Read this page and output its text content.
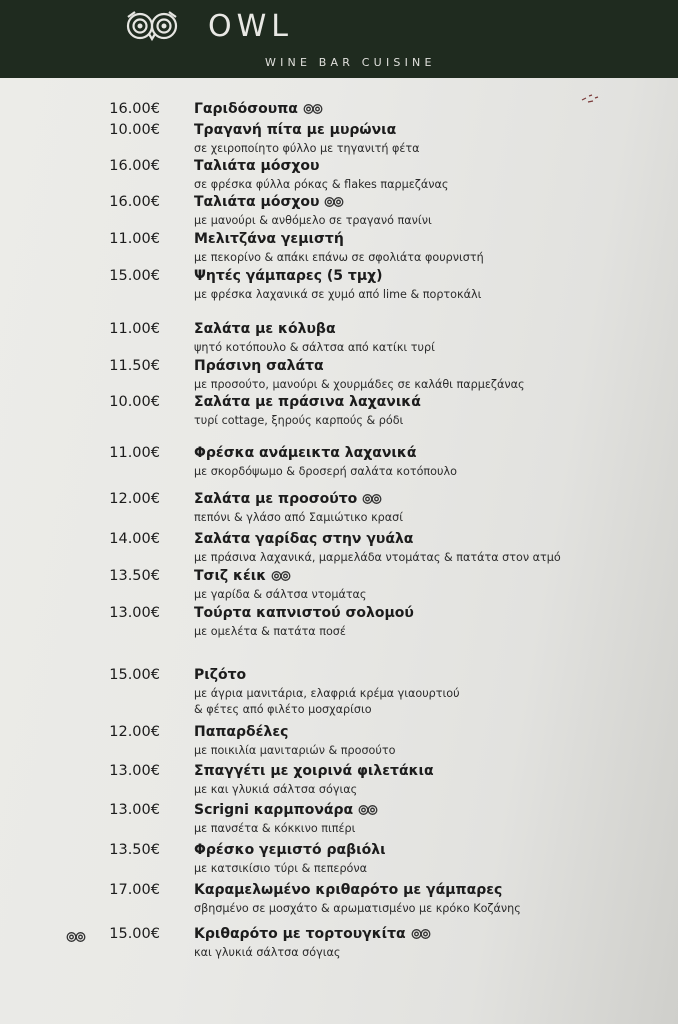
OWL
WINE BAR CUISINE
16.00€ Γαριδόσουπα
10.00€ Τραγανή πίτα με μυρώνια
σε χειροποίητο φύλλο με τηγανιτή φέτα
16.00€ Ταλιάτα μόσχου
σε φρέσκα φύλλα ρόκας & flakes παρμεζάνας
16.00€ Ταλιάτα μόσχου
με μανούρι & ανθόμελο σε τραγανό πανίνι
11.00€ Μελιτζάνα γεμιστή
με πεκορίνο & απάκι επάνω σε σφολιάτα φουρνιστή
15.00€ Ψητές γάμπαρες (5 τμχ)
με φρέσκα λαχανικά σε χυμό από lime & πορτοκάλι
11.00€ Σαλάτα με κόλυβα
ψητό κοτόπουλο & σάλτσα από κατίκι τυρί
11.50€ Πράσινη σαλάτα
με προσούτο, μανούρι & χουρμάδες σε καλάθι παρμεζάνας
10.00€ Σαλάτα με πράσινα λαχανικά
τυρί cottage, ξηρούς καρπούς & ρόδι
11.00€ Φρέσκα ανάμεικτα λαχανικά
με σκορδόψωμο & δροσερή σαλάτα κοτόπουλο
12.00€ Σαλάτα με προσούτο
πεπόνι & γλάσο από Σαμιώτικο κρασί
14.00€ Σαλάτα γαρίδας στην γυάλα
με πράσινα λαχανικά, μαρμελάδα ντομάτας & πατάτα στον ατμό
13.50€ Τσιζ κέικ
με γαρίδα & σάλτσα ντομάτας
13.00€ Τούρτα καπνιστού σολομού
με ομελέτα & πατάτα ποσέ
15.00€ Ριζότο
με άγρια μανιτάρια, ελαφριά κρέμα γιαουρτιού
& φέτες από φιλέτο μοσχαρίσιο
12.00€ Παπαρδέλες
με ποικιλία μανιταριών & προσούτο
13.00€ Σπαγγέτι με χοιρινά φιλετάκια
με και γλυκιά σάλτσα σόγιας
13.00€ Scrigni καρμπονάρα
με πανσέτα & κόκκινο πιπέρι
13.50€ Φρέσκο γεμιστό ραβιόλι
με κατσικίσιο τύρι & πεπερόνα
17.00€ Καραμελωμένο κριθαρότο με γάμπαρες
σβησμένο σε μοσχάτο & αρωματισμένο με κρόκο Κοζάνης
15.00€ Κριθαρότο με τορτουγκίτα
και γλυκιά σάλτσα σόγιας
